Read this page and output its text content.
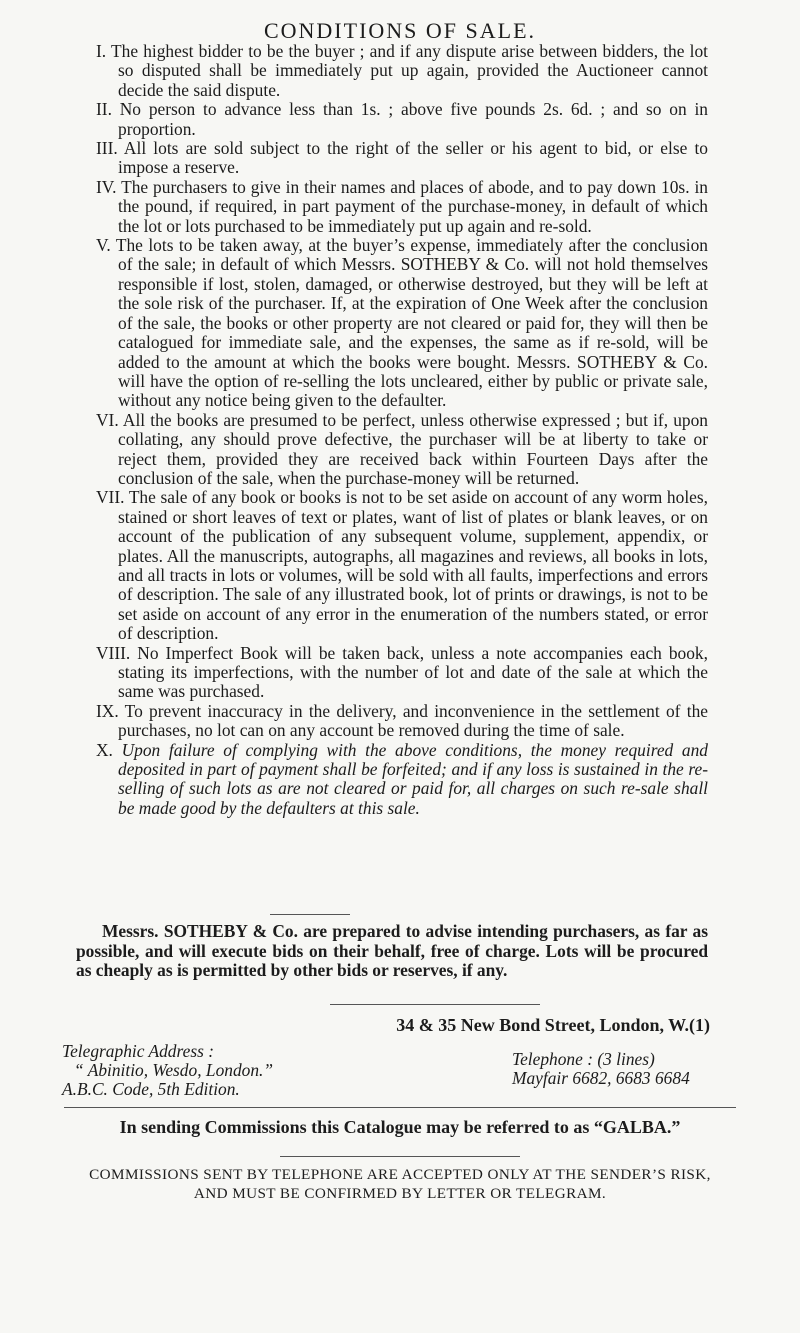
CONDITIONS OF SALE.

I. The highest bidder to be the buyer ; and if any dispute arise between bidders, the lot so disputed shall be immediately put up again, provided the Auctioneer cannot decide the said dispute.

II. No person to advance less than 1s. ; above five pounds 2s. 6d. ; and so on in proportion.

III. All lots are sold subject to the right of the seller or his agent to bid, or else to impose a reserve.

IV. The purchasers to give in their names and places of abode, and to pay down 10s. in the pound, if required, in part payment of the purchase-money, in default of which the lot or lots purchased to be immediately put up again and re-sold.

V. The lots to be taken away, at the buyer’s expense, immediately after the conclusion of the sale; in default of which Messrs. SOTHEBY & Co. will not hold themselves responsible if lost, stolen, damaged, or otherwise destroyed, but they will be left at the sole risk of the purchaser. If, at the expiration of One Week after the conclusion of the sale, the books or other property are not cleared or paid for, they will then be catalogued for immediate sale, and the expenses, the same as if re-sold, will be added to the amount at which the books were bought. Messrs. SOTHEBY & Co. will have the option of re-selling the lots uncleared, either by public or private sale, without any notice being given to the defaulter.

VI. All the books are presumed to be perfect, unless otherwise expressed ; but if, upon collating, any should prove defective, the purchaser will be at liberty to take or reject them, provided they are received back within Fourteen Days after the conclusion of the sale, when the purchase-money will be returned.

VII. The sale of any book or books is not to be set aside on account of any worm holes, stained or short leaves of text or plates, want of list of plates or blank leaves, or on account of the publication of any subsequent volume, supplement, appendix, or plates. All the manuscripts, autographs, all magazines and reviews, all books in lots, and all tracts in lots or volumes, will be sold with all faults, imperfections and errors of description. The sale of any illustrated book, lot of prints or drawings, is not to be set aside on account of any error in the enumeration of the numbers stated, or error of description.

VIII. No Imperfect Book will be taken back, unless a note accompanies each book, stating its imperfections, with the number of lot and date of the sale at which the same was purchased.

IX. To prevent inaccuracy in the delivery, and inconvenience in the settlement of the purchases, no lot can on any account be removed during the time of sale.

X. Upon failure of complying with the above conditions, the money required and deposited in part of payment shall be forfeited; and if any loss is sustained in the re-selling of such lots as are not cleared or paid for, all charges on such re-sale shall be made good by the defaulters at this sale.

Messrs. SOTHEBY & Co. are prepared to advise intending purchasers, as far as possible, and will execute bids on their behalf, free of charge. Lots will be procured as cheaply as is permitted by other bids or reserves, if any.
34 & 35 New Bond Street, London, W.(1)
Telegraphic Address :
“ Abinitio, Wesdo, London.”
A.B.C. Code, 5th Edition.
Telephone : (3 lines)
Mayfair 6682, 6683 6684
In sending Commissions this Catalogue may be referred to as “GALBA.”
COMMISSIONS SENT BY TELEPHONE ARE ACCEPTED ONLY AT THE SENDER’S RISK,
AND MUST BE CONFIRMED BY LETTER OR TELEGRAM.
